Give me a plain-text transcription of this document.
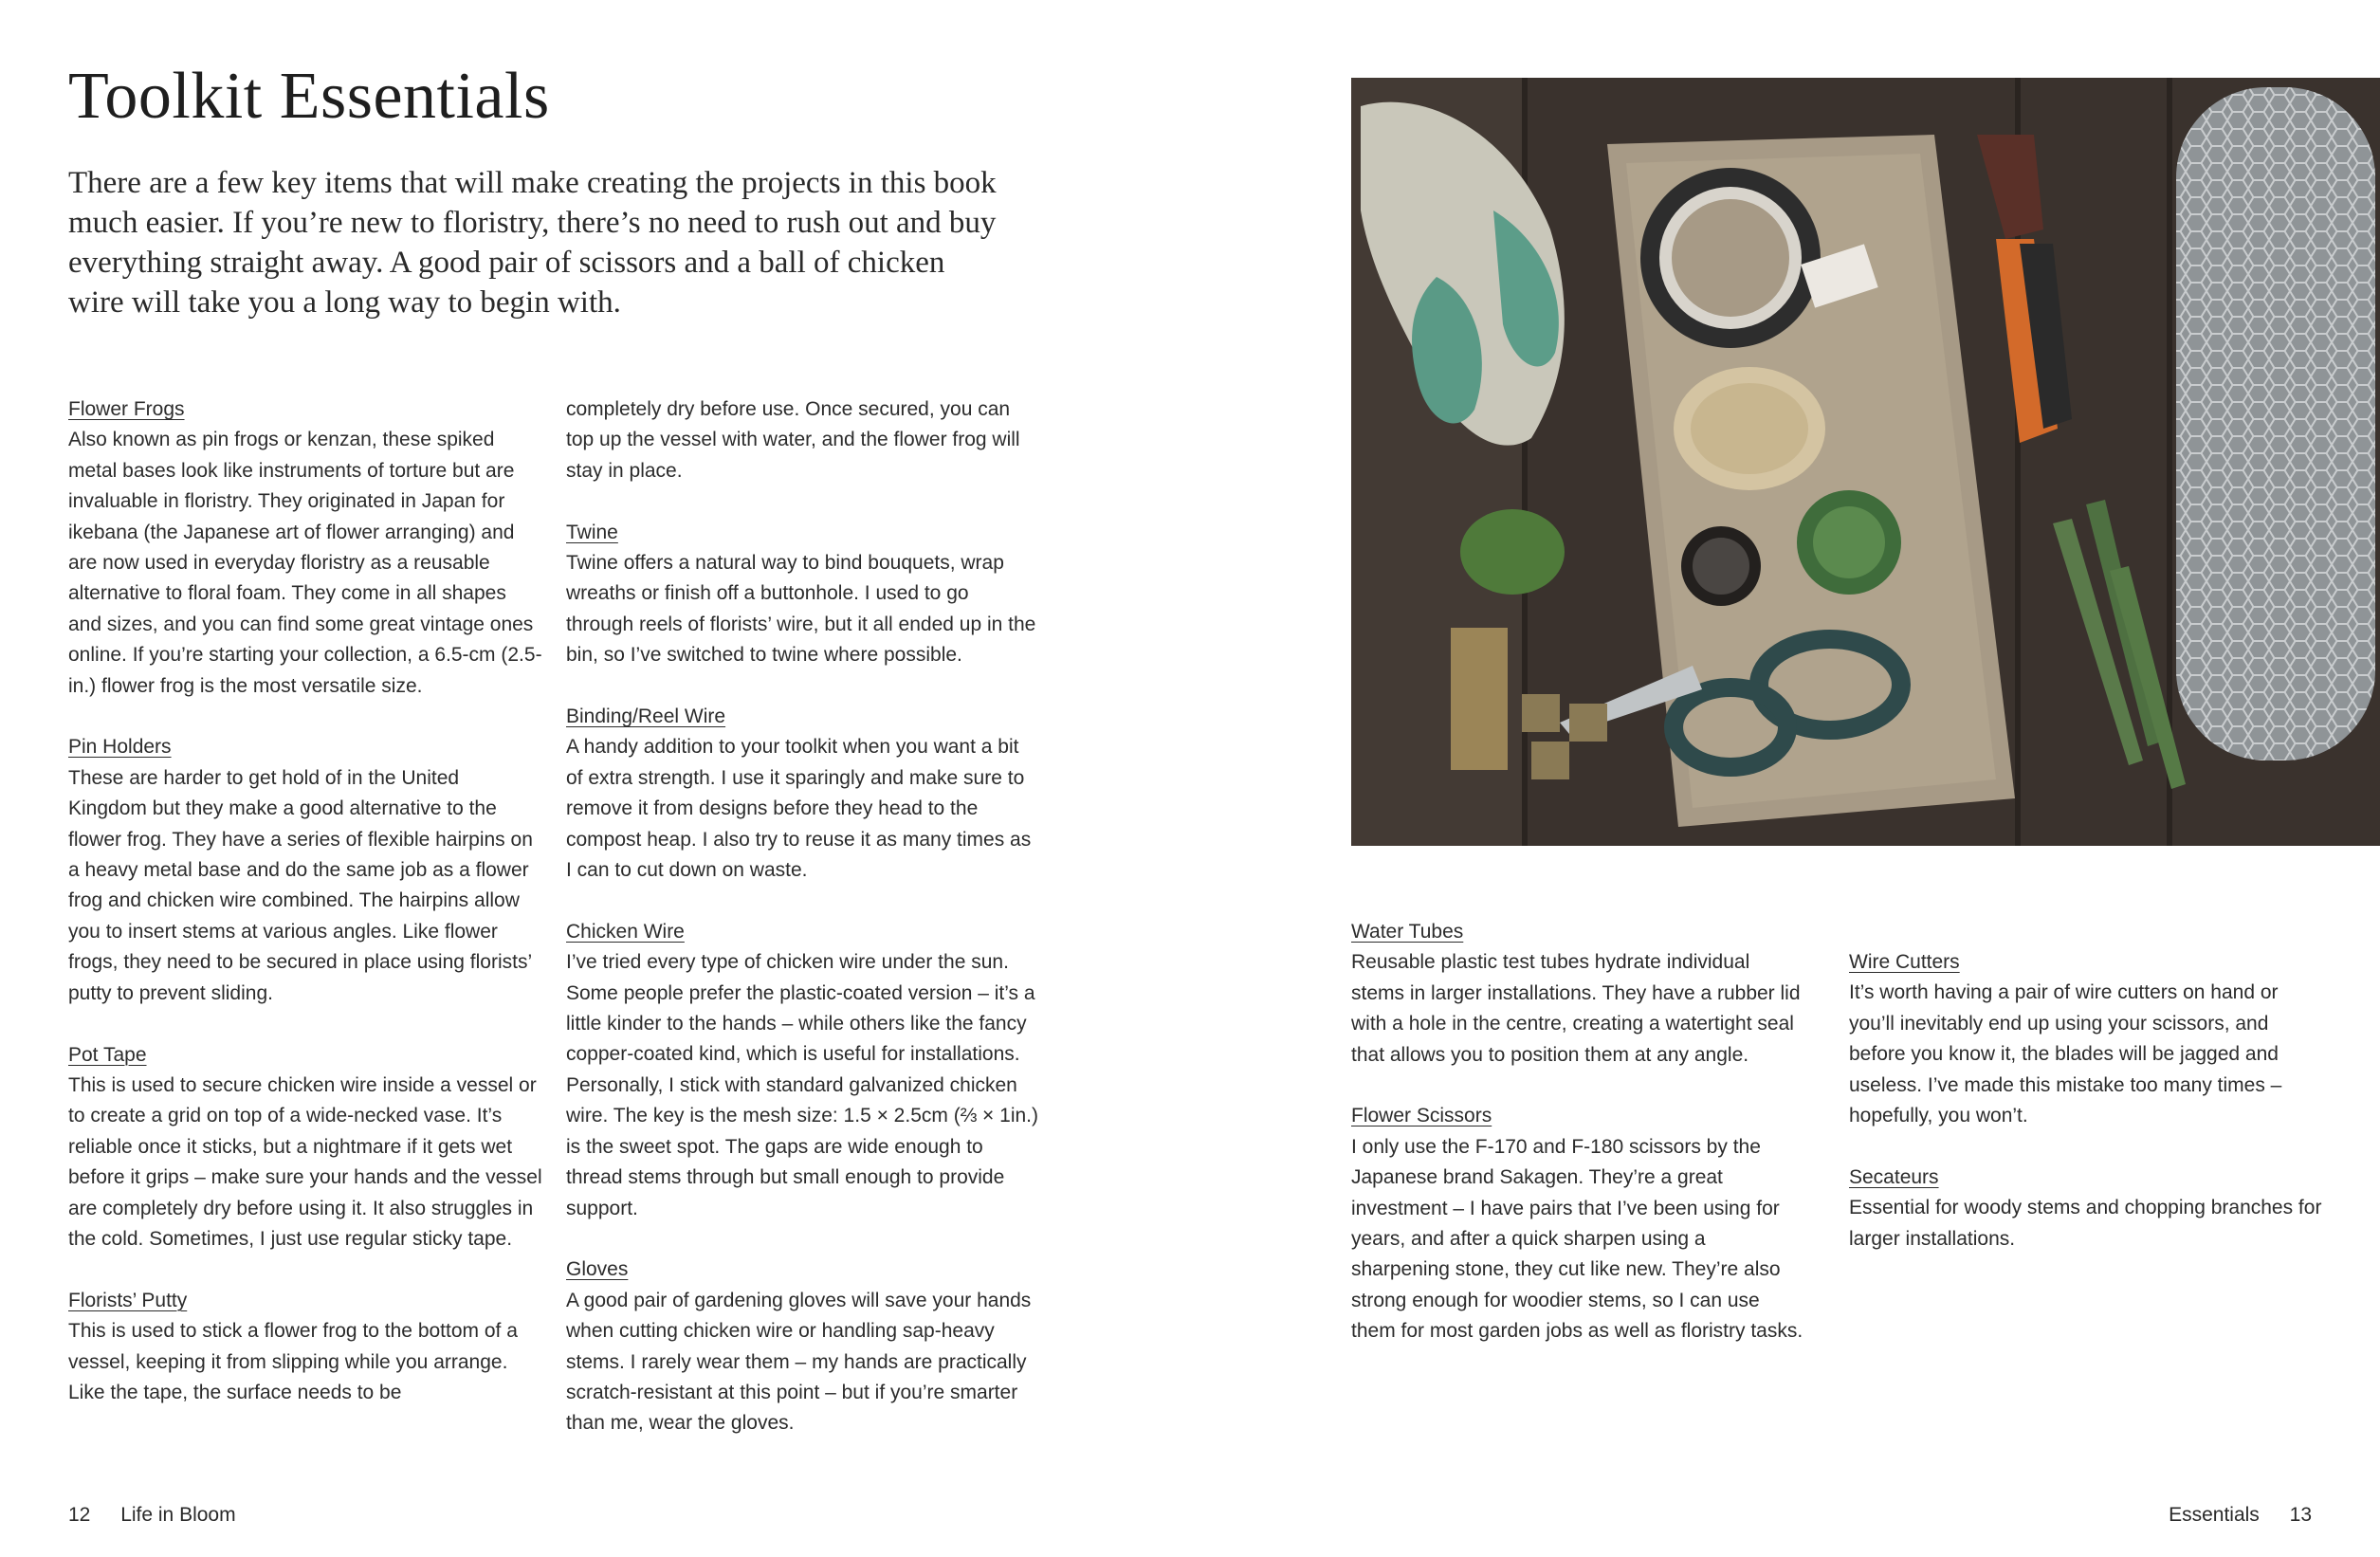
Toolkit Essentials

There are a few key items that will make creating the projects in this book much easier. If you’re new to floristry, there’s no need to rush out and buy everything straight away. A good pair of scissors and a ball of chicken wire will take you a long way to begin with.

Flower Frogs

Also known as pin frogs or kenzan, these spiked metal bases look like instruments of torture but are invaluable in floristry. They originated in Japan for ikebana (the Japanese art of flower arranging) and are now used in everyday floristry as a reusable alternative to floral foam. They come in all shapes and sizes, and you can find some great vintage ones online. If you’re starting your collection, a 6.5-cm (2.5-in.) flower frog is the most versatile size.

Pin Holders

These are harder to get hold of in the United Kingdom but they make a good alternative to the flower frog. They have a series of flexible hairpins on a heavy metal base and do the same job as a flower frog and chicken wire combined. The hairpins allow you to insert stems at various angles. Like flower frogs, they need to be secured in place using florists’ putty to prevent sliding.

Pot Tape

This is used to secure chicken wire inside a vessel or to create a grid on top of a wide-necked vase. It’s reliable once it sticks, but a nightmare if it gets wet before it grips – make sure your hands and the vessel are completely dry before using it. It also struggles in the cold. Sometimes, I just use regular sticky tape.

Florists’ Putty

This is used to stick a flower frog to the bottom of a vessel, keeping it from slipping while you arrange. Like the tape, the surface needs to be

completely dry before use. Once secured, you can top up the vessel with water, and the flower frog will stay in place.

Twine

Twine offers a natural way to bind bouquets, wrap wreaths or finish off a buttonhole. I used to go through reels of florists’ wire, but it all ended up in the bin, so I’ve switched to twine where possible.

Binding/Reel Wire

A handy addition to your toolkit when you want a bit of extra strength. I use it sparingly and make sure to remove it from designs before they head to the compost heap. I also try to reuse it as many times as I can to cut down on waste.

Chicken Wire

I’ve tried every type of chicken wire under the sun. Some people prefer the plastic-coated version – it’s a little kinder to the hands – while others like the fancy copper-coated kind, which is useful for installations. Personally, I stick with standard galvanized chicken wire. The key is the mesh size: 1.5 × 2.5cm (⅔ × 1in.) is the sweet spot. The gaps are wide enough to thread stems through but small enough to provide support.

Gloves

A good pair of gardening gloves will save your hands when cutting chicken wire or handling sap-heavy stems. I rarely wear them – my hands are practically scratch-resistant at this point – but if you’re smarter than me, wear the gloves.

Water Tubes

Reusable plastic test tubes hydrate individual stems in larger installations. They have a rubber lid with a hole in the centre, creating a watertight seal that allows you to position them at any angle.

Flower Scissors

I only use the F-170 and F-180 scissors by the Japanese brand Sakagen. They’re a great investment – I have pairs that I’ve been using for years, and after a quick sharpen using a sharpening stone, they cut like new. They’re also strong enough for woodier stems, so I can use them for most garden jobs as well as floristry tasks.

Wire Cutters

It’s worth having a pair of wire cutters on hand or you’ll inevitably end up using your scissors, and before you know it, the blades will be jagged and useless. I’ve made this mistake too many times – hopefully, you won’t.

Secateurs

Essential for woody stems and chopping branches for larger installations.

12 Life in Bloom	Essentials 13
